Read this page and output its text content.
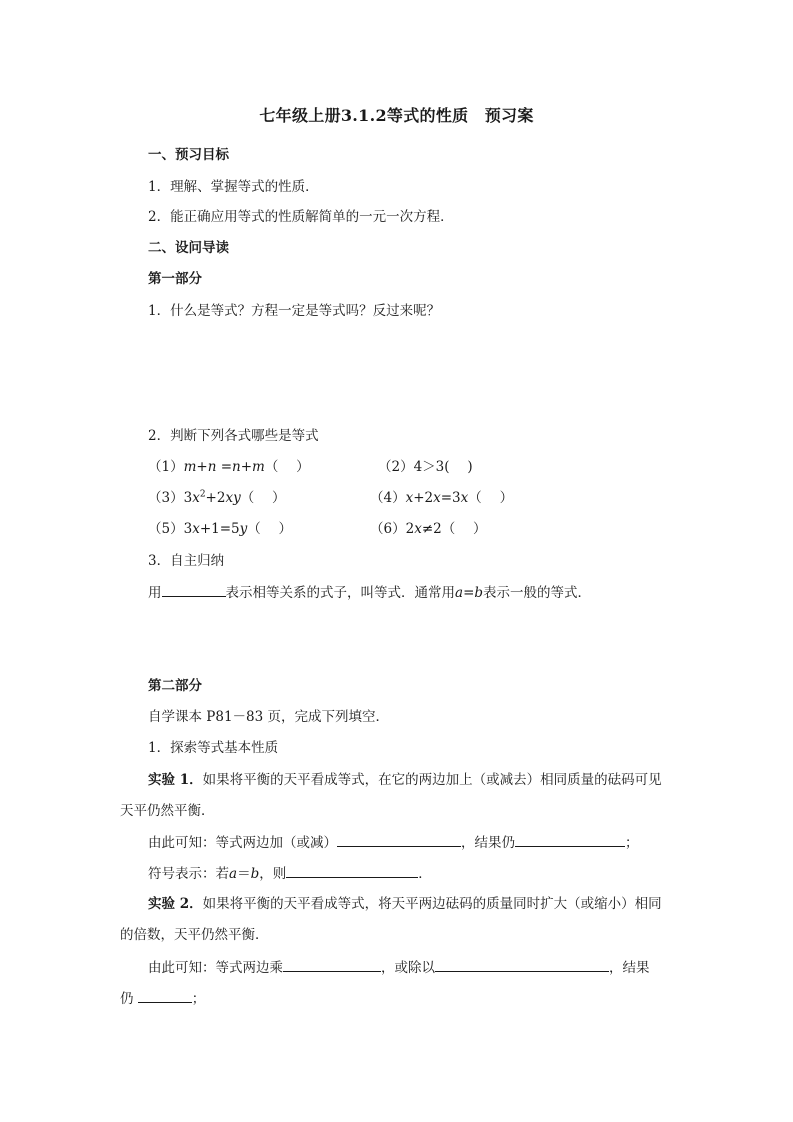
七年级上册3.1.2等式的性质　预习案
一、预习目标
1．理解、掌握等式的性质．
2．能正确应用等式的性质解简单的一元一次方程．
二、设问导读
第一部分
1．什么是等式？方程一定是等式吗？反过来呢？
2．判断下列各式哪些是等式
（1）m+n =n+m（　 ）	（2）4＞3(　 )
$(3)3x^2+2xy$（　 ）	（4）x+2x=3x（　 ）
（5）3x+1=5y（　 ）	（6）2x≠2（　 ）
3．自主归纳
用	表示相等关系的式子，叫等式．通常用a=b表示一般的等式．
第二部分
自学课本 P81－83 页，完成下列填空．
1．探索等式基本性质
实验 1．如果将平衡的天平看成等式，在它的两边加上（或减去）相同质量的砝码可见
天平仍然平衡．
由此可知：等式两边加（或减）	，结果仍	；
符号表示：若a＝b，则	．
实验 2．如果将平衡的天平看成等式，将天平两边砝码的质量同时扩大（或缩小）相同
的倍数，天平仍然平衡．
由此可知：等式两边乘	，或除以	，结果
仍	；
